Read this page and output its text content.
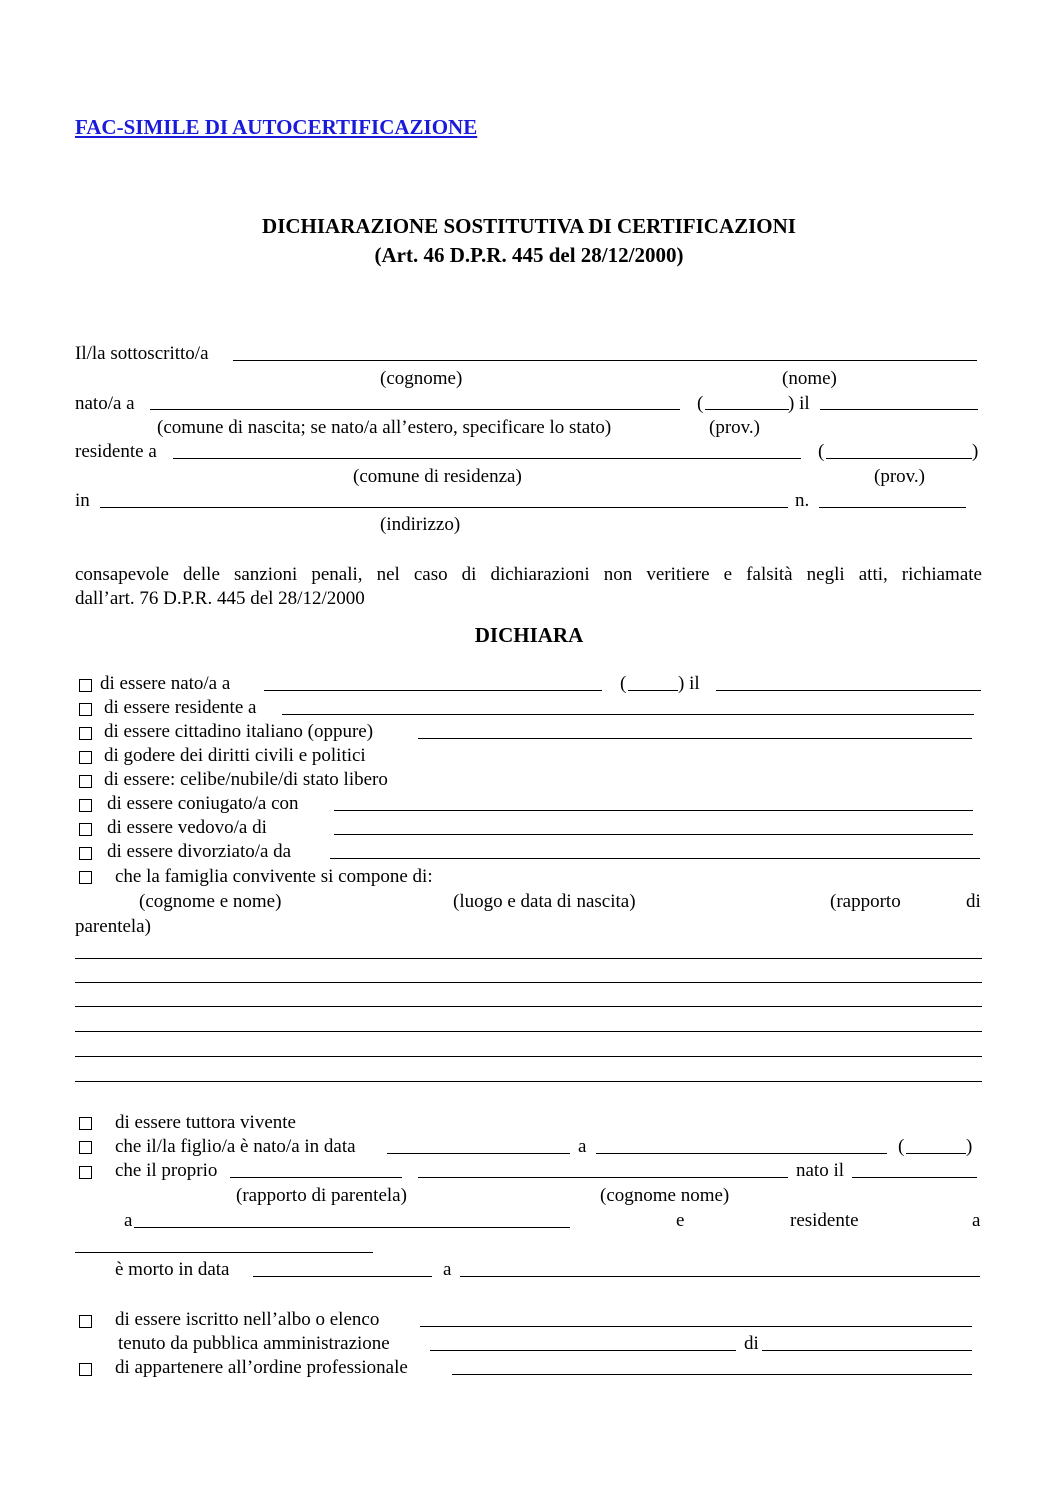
FAC-SIMILE DI AUTOCERTIFICAZIONE
DICHIARAZIONE SOSTITUTIVA DI CERTIFICAZIONI
(Art. 46 D.P.R. 445 del 28/12/2000)
Il/la sottoscritto/a
(cognome)	(nome)
nato/a a	(	) il
(comune di nascita; se nato/a all’estero, specificare lo stato)	(prov.)
residente a	(	)
(comune di residenza)	(prov.)
in	n.
(indirizzo)
consapevole delle sanzioni penali, nel caso di dichiarazioni non veritiere e falsità negli atti, richiamate
dall’art. 76 D.P.R. 445 del 28/12/2000
DICHIARA
di essere nato/a a	(	) il
di essere residente a
di essere cittadino italiano (oppure)
di godere dei diritti civili e politici
di essere: celibe/nubile/di stato libero
di essere coniugato/a con
di essere vedovo/a di
di essere divorziato/a da
che la famiglia convivente si compone di:
(cognome e nome)	(luogo e data di nascita)	(rapporto	di
parentela)
di essere tuttora vivente
che il/la figlio/a è nato/a in data	a	(	)
che il proprio	nato il
(rapporto di parentela)	(cognome nome)
a	e	residente	a
è morto in data	a
di essere iscritto nell’albo o elenco
tenuto da pubblica amministrazione	di
di appartenere all’ordine professionale
